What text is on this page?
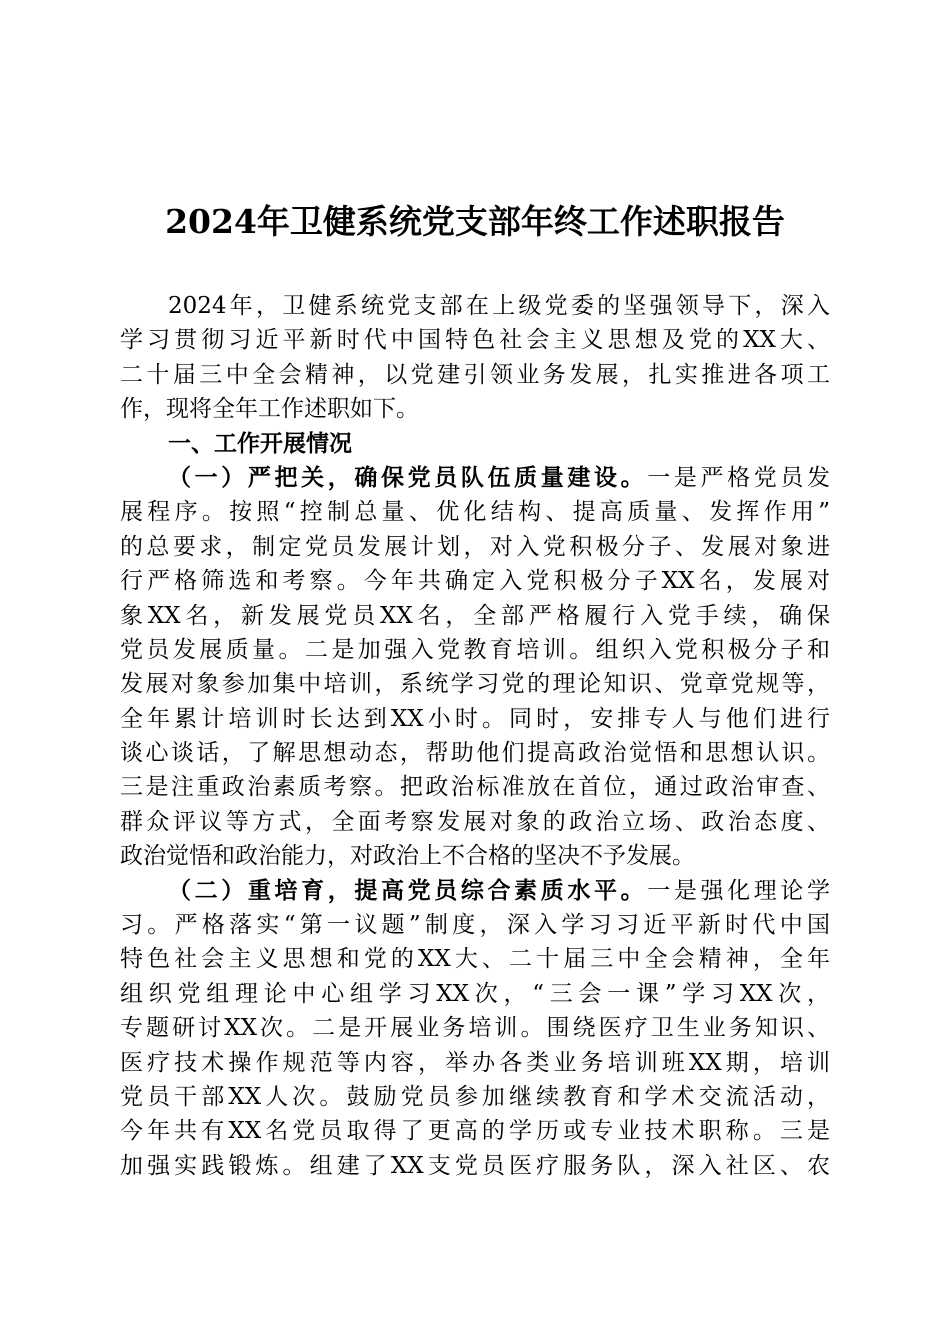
2024年卫健系统党支部年终工作述职报告
2024年，卫健系统党支部在上级党委的坚强领导下，深入
学习贯彻习近平新时代中国特色社会主义思想及党的XX大、
二十届三中全会精神，以党建引领业务发展，扎实推进各项工
作，现将全年工作述职如下。
一、工作开展情况
（一）严把关，确保党员队伍质量建设。一是严格党员发
展程序。按照“控制总量、优化结构、提高质量、发挥作用”
的总要求，制定党员发展计划，对入党积极分子、发展对象进
行严格筛选和考察。今年共确定入党积极分子XX名，发展对
象XX名，新发展党员XX名，全部严格履行入党手续，确保
党员发展质量。二是加强入党教育培训。组织入党积极分子和
发展对象参加集中培训，系统学习党的理论知识、党章党规等，
全年累计培训时长达到XX小时。同时，安排专人与他们进行
谈心谈话，了解思想动态，帮助他们提高政治觉悟和思想认识。
三是注重政治素质考察。把政治标准放在首位，通过政治审查、
群众评议等方式，全面考察发展对象的政治立场、政治态度、
政治觉悟和政治能力，对政治上不合格的坚决不予发展。
（二）重培育，提高党员综合素质水平。一是强化理论学
习。严格落实“第一议题”制度，深入学习习近平新时代中国
特色社会主义思想和党的XX大、二十届三中全会精神，全年
组织党组理论中心组学习XX次，“三会一课”学习XX次，
专题研讨XX次。二是开展业务培训。围绕医疗卫生业务知识、
医疗技术操作规范等内容，举办各类业务培训班XX期，培训
党员干部XX人次。鼓励党员参加继续教育和学术交流活动，
今年共有XX名党员取得了更高的学历或专业技术职称。三是
加强实践锻炼。组建了XX支党员医疗服务队，深入社区、农
